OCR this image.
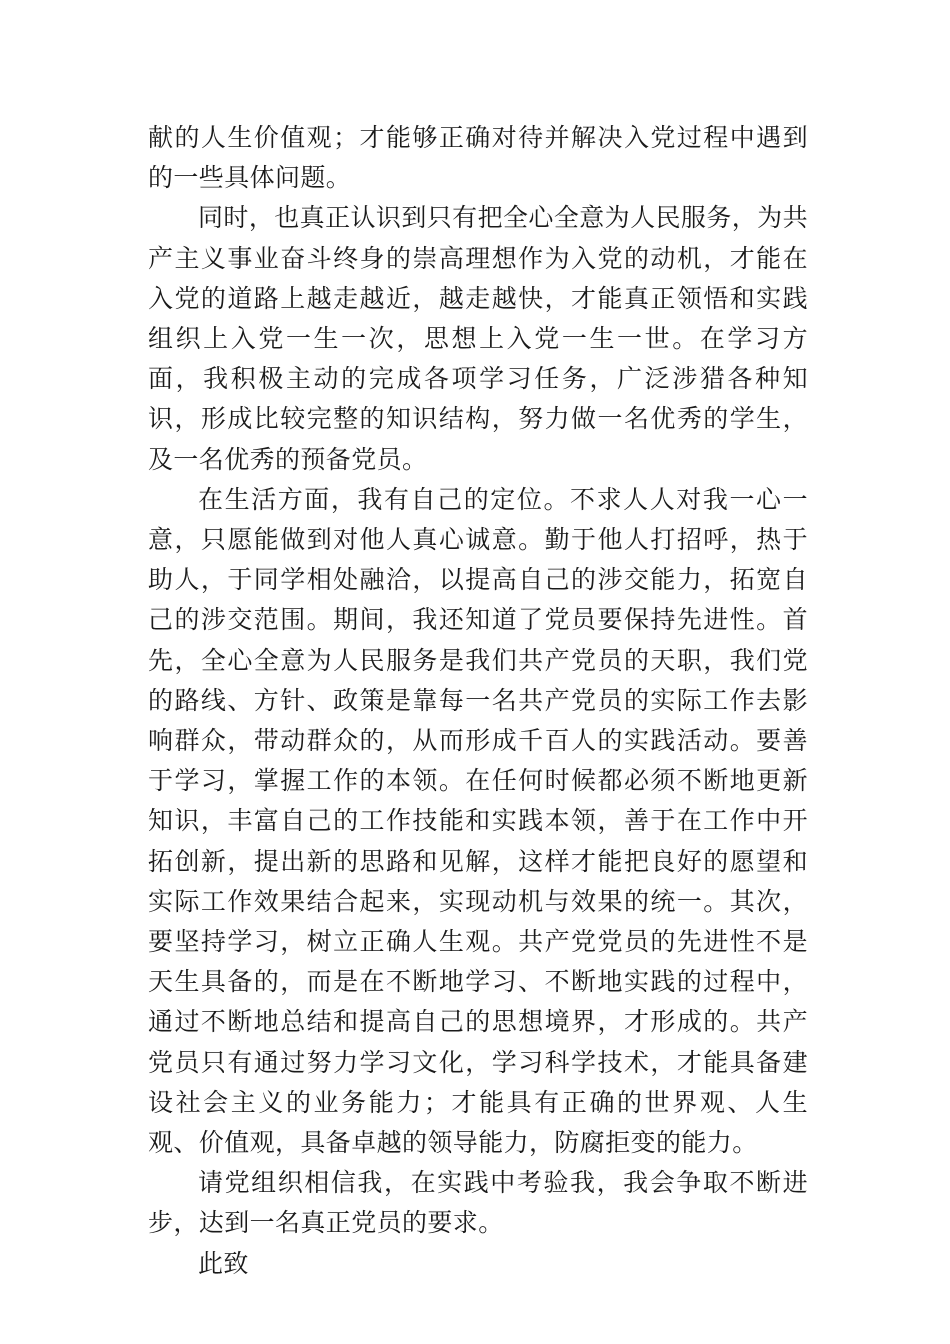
献的人生价值观；才能够正确对待并解决入党过程中遇到的一些具体问题。

同时，也真正认识到只有把全心全意为人民服务，为共产主义事业奋斗终身的崇高理想作为入党的动机，才能在入党的道路上越走越近，越走越快，才能真正领悟和实践组织上入党一生一次，思想上入党一生一世。在学习方面，我积极主动的完成各项学习任务，广泛涉猎各种知识，形成比较完整的知识结构，努力做一名优秀的学生，及一名优秀的预备党员。

在生活方面，我有自己的定位。不求人人对我一心一意，只愿能做到对他人真心诚意。勤于他人打招呼，热于助人，于同学相处融洽，以提高自己的涉交能力，拓宽自己的涉交范围。期间，我还知道了党员要保持先进性。首先，全心全意为人民服务是我们共产党员的天职，我们党的路线、方针、政策是靠每一名共产党员的实际工作去影响群众，带动群众的，从而形成千百人的实践活动。要善于学习，掌握工作的本领。在任何时候都必须不断地更新知识，丰富自己的工作技能和实践本领，善于在工作中开拓创新，提出新的思路和见解，这样才能把良好的愿望和实际工作效果结合起来，实现动机与效果的统一。其次，要坚持学习，树立正确人生观。共产党党员的先进性不是天生具备的，而是在不断地学习、不断地实践的过程中，通过不断地总结和提高自己的思想境界，才形成的。共产党员只有通过努力学习文化，学习科学技术，才能具备建设社会主义的业务能力；才能具有正确的世界观、人生观、价值观，具备卓越的领导能力，防腐拒变的能力。

请党组织相信我，在实践中考验我，我会争取不断进步，达到一名真正党员的要求。

此致
